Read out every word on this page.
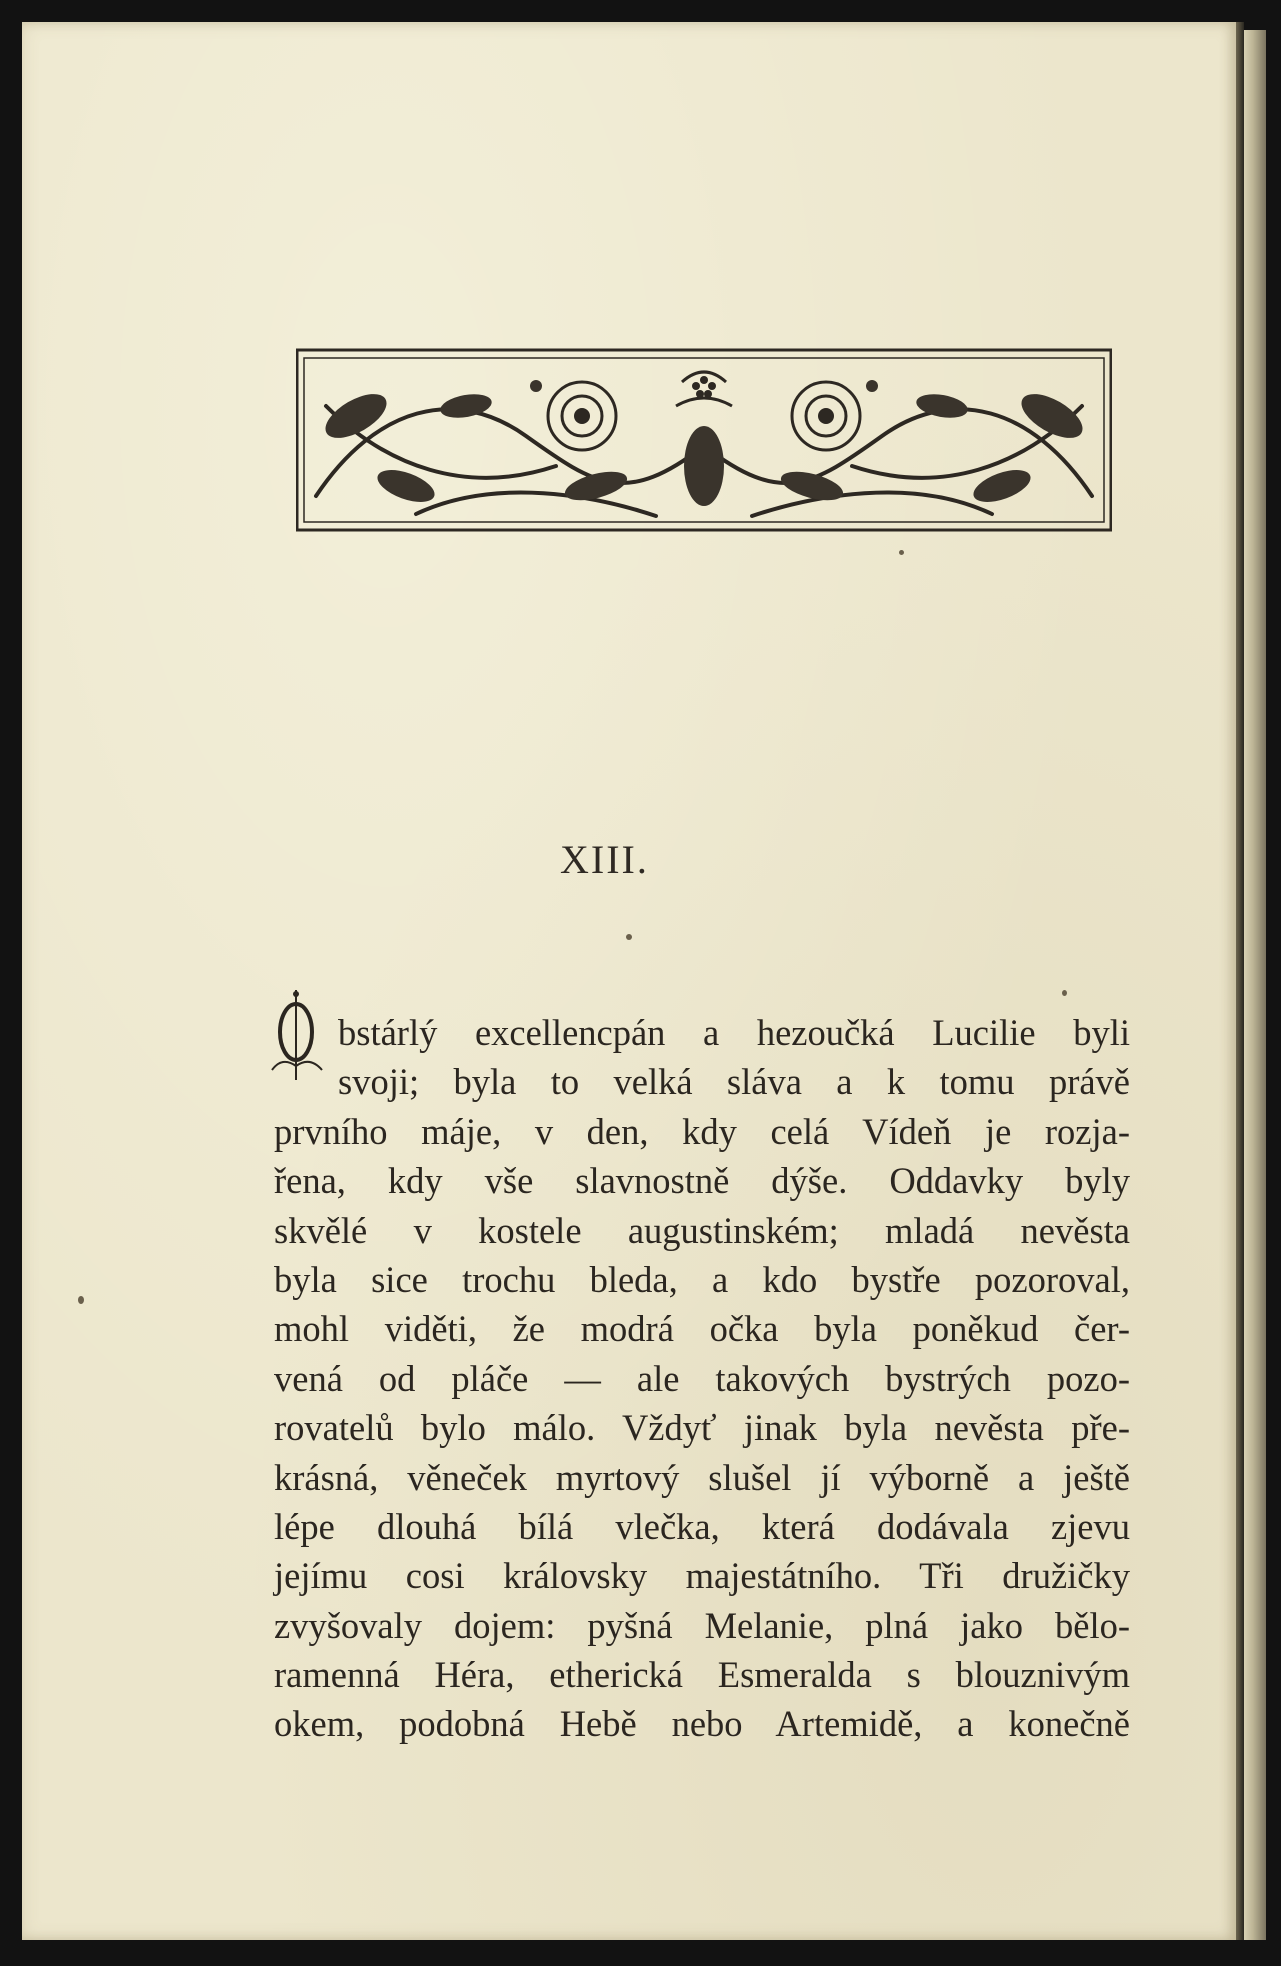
XIII.
bstárlý excellencpán a hezoučká Lucilie byli
svoji; byla to velká sláva a k tomu právě
prvního máje, v den, kdy celá Vídeň je rozja-
řena, kdy vše slavnostně dýše. Oddavky byly
skvělé v kostele augustinském; mladá nevěsta
byla sice trochu bleda, a kdo bystře pozoroval,
mohl viděti, že modrá očka byla poněkud čer-
vená od pláče — ale takových bystrých pozo-
rovatelů bylo málo. Vždyť jinak byla nevěsta pře-
krásná, věneček myrtový slušel jí výborně a ještě
lépe dlouhá bílá vlečka, která dodávala zjevu
jejímu cosi královsky majestátního. Tři družičky
zvyšovaly dojem: pyšná Melanie, plná jako bělo-
ramenná Héra, etherická Esmeralda s blouznivým
okem, podobná Hebě nebo Artemidě, a konečně
